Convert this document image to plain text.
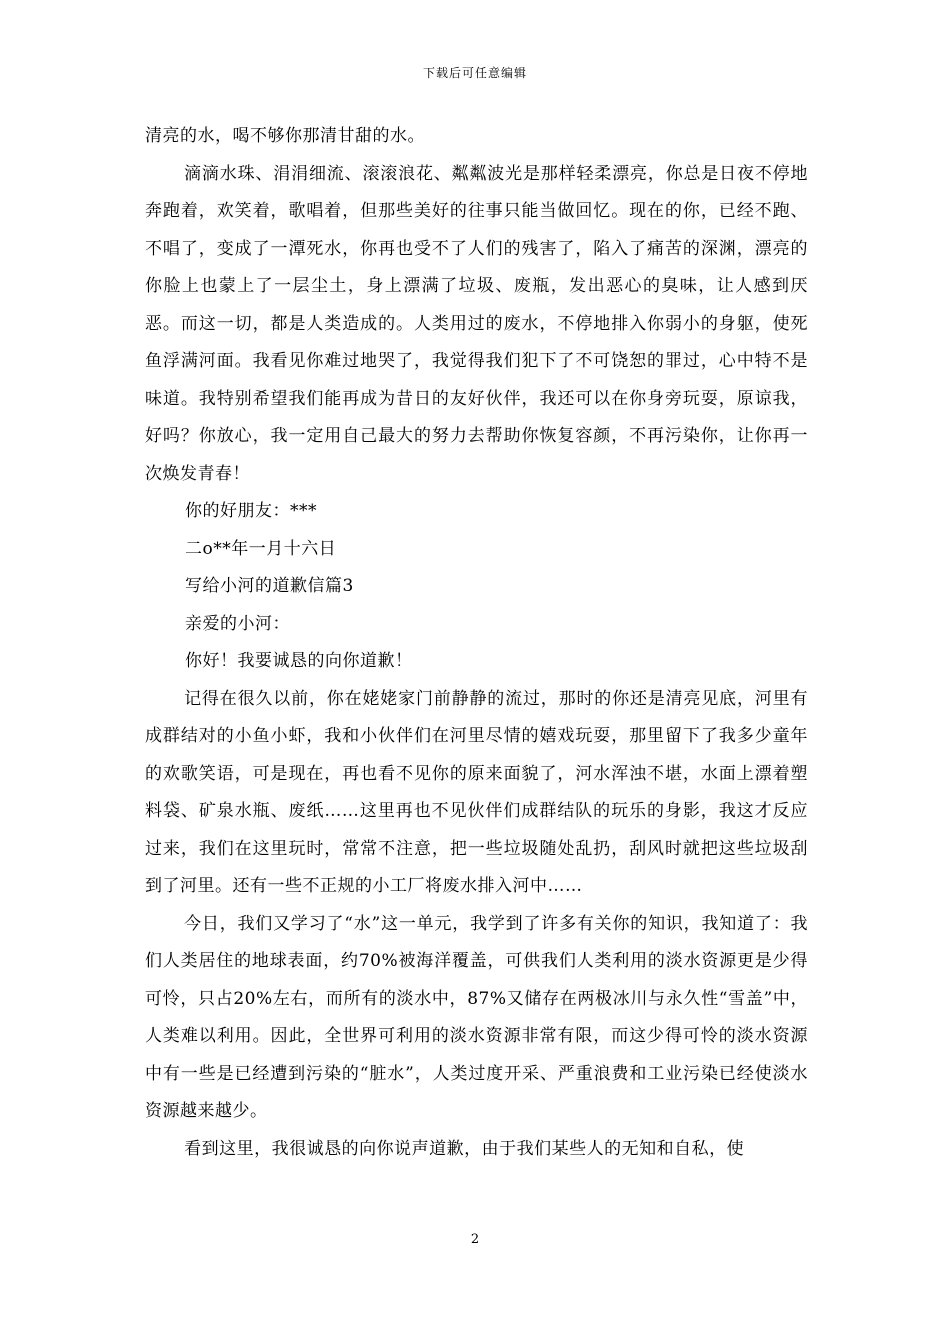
下载后可任意编辑

清亮的水，喝不够你那清甘甜的水。

滴滴水珠、涓涓细流、滚滚浪花、粼粼波光是那样轻柔漂亮，你总是日夜不停地奔跑着，欢笑着，歌唱着，但那些美好的往事只能当做回忆。现在的你，已经不跑、不唱了，变成了一潭死水，你再也受不了人们的残害了，陷入了痛苦的深渊，漂亮的你脸上也蒙上了一层尘土，身上漂满了垃圾、废瓶，发出恶心的臭味，让人感到厌恶。而这一切，都是人类造成的。人类用过的废水，不停地排入你弱小的身躯，使死鱼浮满河面。我看见你难过地哭了，我觉得我们犯下了不可饶恕的罪过，心中特不是味道。我特别希望我们能再成为昔日的友好伙伴，我还可以在你身旁玩耍，原谅我，好吗？你放心，我一定用自己最大的努力去帮助你恢复容颜，不再污染你，让你再一次焕发青春！

你的好朋友：***

二o**年一月十六日

写给小河的道歉信篇3

亲爱的小河：

你好！我要诚恳的向你道歉！

记得在很久以前，你在姥姥家门前静静的流过，那时的你还是清亮见底，河里有成群结对的小鱼小虾，我和小伙伴们在河里尽情的嬉戏玩耍，那里留下了我多少童年的欢歌笑语，可是现在，再也看不见你的原来面貌了，河水浑浊不堪，水面上漂着塑料袋、矿泉水瓶、废纸……这里再也不见伙伴们成群结队的玩乐的身影，我这才反应过来，我们在这里玩时，常常不注意，把一些垃圾随处乱扔，刮风时就把这些垃圾刮到了河里。还有一些不正规的小工厂将废水排入河中……

今日，我们又学习了“水”这一单元，我学到了许多有关你的知识，我知道了：我们人类居住的地球表面，约70%被海洋覆盖，可供我们人类利用的淡水资源更是少得可怜，只占20%左右，而所有的淡水中，87%又储存在两极冰川与永久性“雪盖”中，人类难以利用。因此，全世界可利用的淡水资源非常有限，而这少得可怜的淡水资源中有一些是已经遭到污染的“脏水”，人类过度开采、严重浪费和工业污染已经使淡水资源越来越少。

看到这里，我很诚恳的向你说声道歉，由于我们某些人的无知和自私，使

2
